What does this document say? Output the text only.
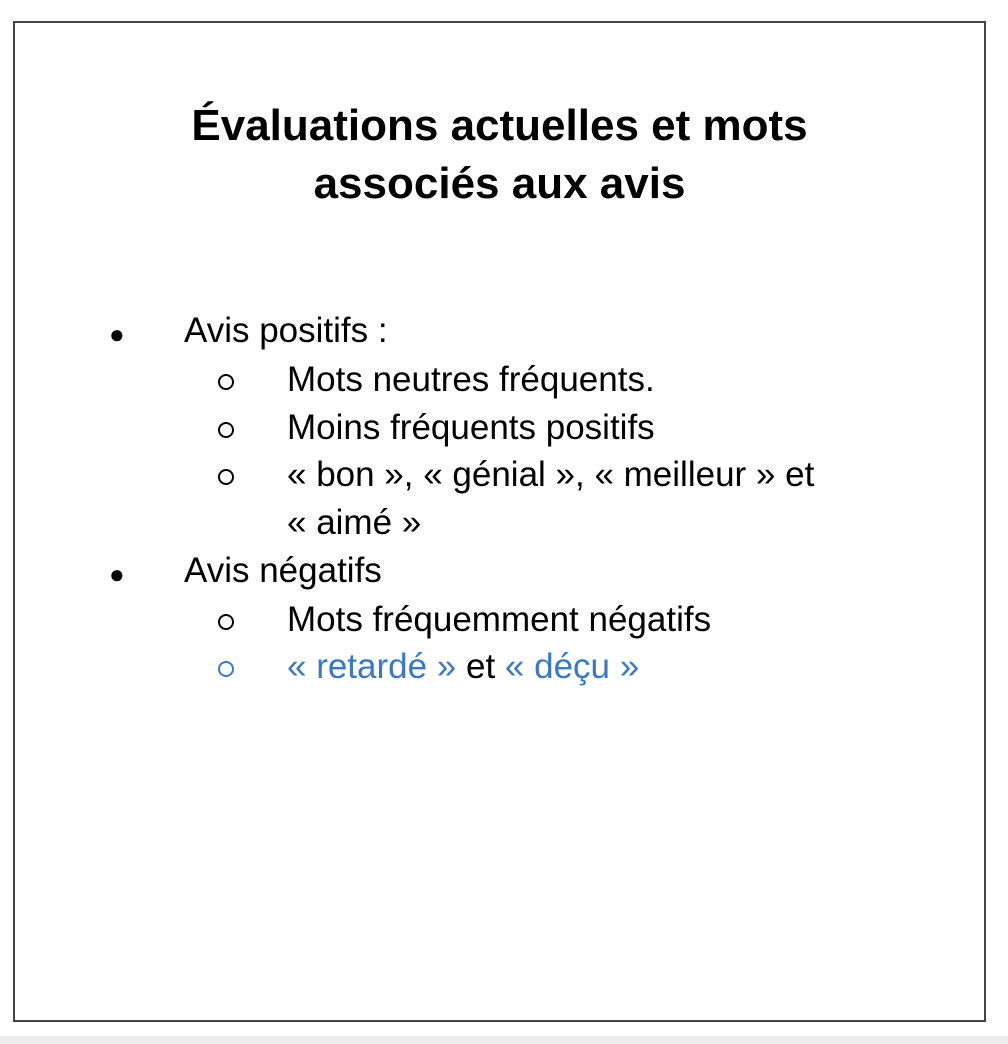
Évaluations actuelles et mots
associés aux avis
● Avis positifs :
Mots neutres fréquents.
Moins fréquents positifs
« bon », « génial », « meilleur » et
« aimé »
● Avis négatifs
Mots fréquemment négatifs
« retardé » et « déçu »
